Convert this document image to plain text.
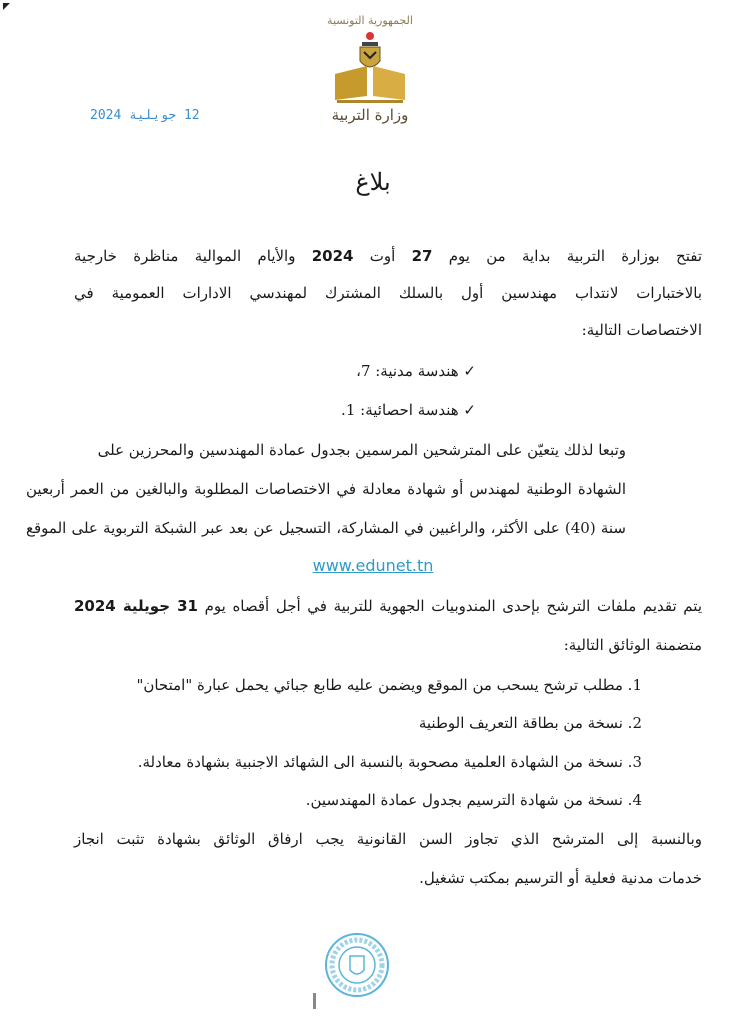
الجمهورية التونسية
وزارة التربية
12 جويلية 2024
بلاغ
تفتح بوزارة التربية بداية من يوم 27 أوت 2024 والأيام الموالية مناظرة خارجية
بالاختبارات لانتداب مهندسين أول بالسلك المشترك لمهندسي الادارات العمومية في
الاختصاصات التالية:
✓ هندسة مدنية: 7،
✓ هندسة احصائية: 1.
وتبعا لذلك يتعيّن على المترشحين المرسمين بجدول عمادة المهندسين والمحرزين على
الشهادة الوطنية لمهندس أو شهادة معادلة في الاختصاصات المطلوبة والبالغين من العمر أربعين
سنة (40) على الأكثر، والراغبين في المشاركة، التسجيل عن بعد عبر الشبكة التربوية على الموقع
www.edunet.tn
يتم تقديم ملفات الترشح بإحدى المندوبيات الجهوية للتربية في أجل أقصاه يوم 31 جويلية 2024
متضمنة الوثائق التالية:
1. مطلب ترشح يسحب من الموقع ويضمن عليه طابع جبائي يحمل عبارة "امتحان"
2. نسخة من بطاقة التعريف الوطنية
3. نسخة من الشهادة العلمية مصحوبة بالنسبة الى الشهائد الاجنبية بشهادة معادلة.
4. نسخة من شهادة الترسيم بجدول عمادة المهندسين.
وبالنسبة إلى المترشح الذي تجاوز السن القانونية يجب ارفاق الوثائق بشهادة تثبت انجاز
خدمات مدنية فعلية أو الترسيم بمكتب تشغيل.
